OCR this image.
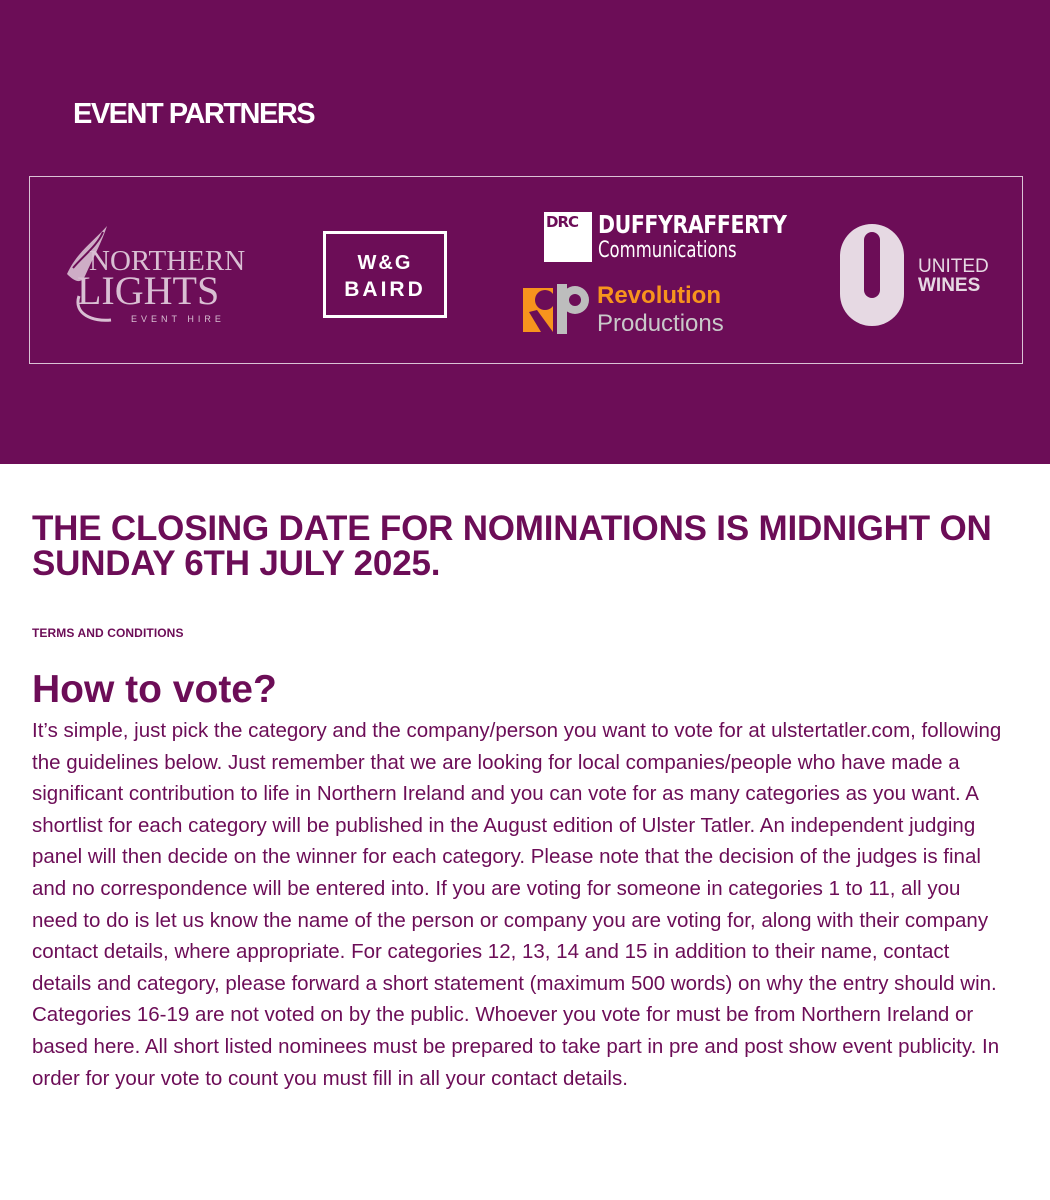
EVENT PARTNERS
NORTHERN
LIGHTS
EVENT HIRE
W&G
BAIRD
DRC DUFFYRAFFERTY
Communications
Revolution
Productions
UNITED
WINES
THE CLOSING DATE FOR NOMINATIONS IS MIDNIGHT ON SUNDAY 6TH JULY 2025.
TERMS AND CONDITIONS
How to vote?

It’s simple, just pick the category and the company/person you want to vote for at ulstertatler.com, following the guidelines below. Just remember that we are looking for local companies/people who have made a significant contribution to life in Northern Ireland and you can vote for as many categories as you want. A shortlist for each category will be published in the August edition of Ulster Tatler. An independent judging panel will then decide on the winner for each category. Please note that the decision of the judges is final and no correspondence will be entered into. If you are voting for someone in categories 1 to 11, all you need to do is let us know the name of the person or company you are voting for, along with their company contact details, where appropriate. For categories 12, 13, 14 and 15 in addition to their name, contact details and category, please forward a short statement (maximum 500 words) on why the entry should win. Categories 16-19 are not voted on by the public. Whoever you vote for must be from Northern Ireland or based here. All short listed nominees must be prepared to take part in pre and post show event publicity. In order for your vote to count you must fill in all your contact details.
